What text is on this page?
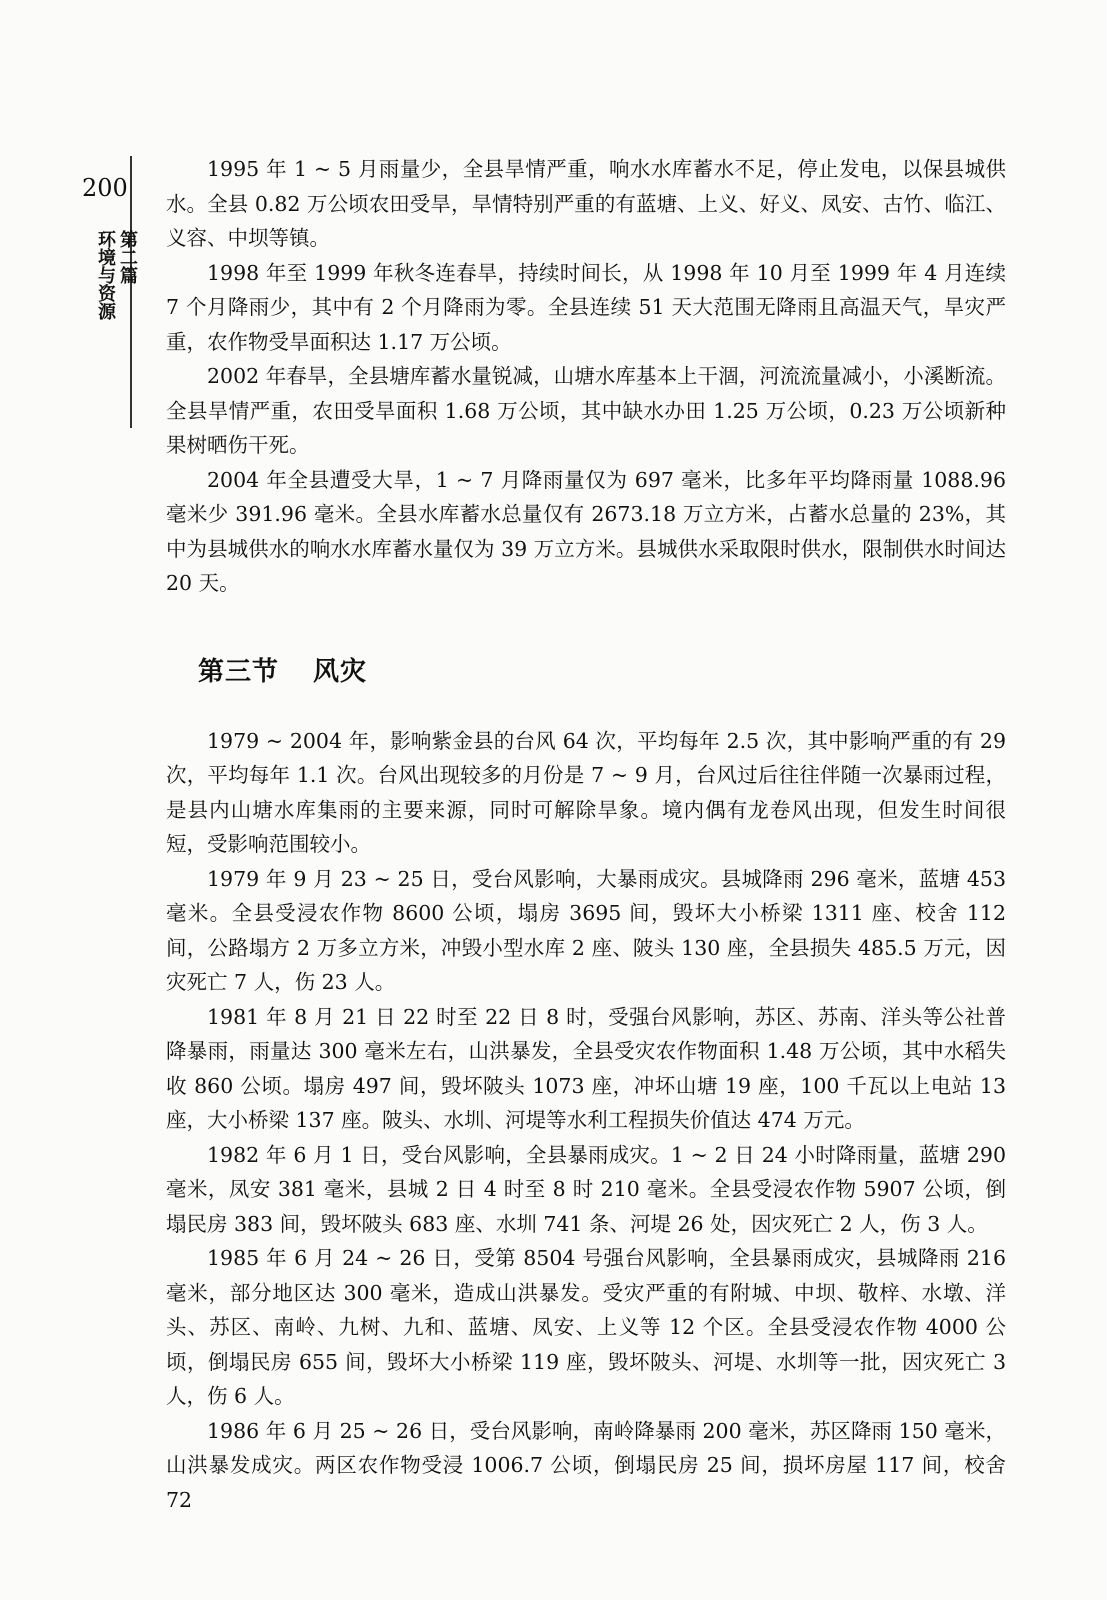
200
第二篇
环境与资源

1995 年 1 ~ 5 月雨量少，全县旱情严重，响水水库蓄水不足，停止发电，以保县城供水。全县 0.82 万公顷农田受旱，旱情特别严重的有蓝塘、上义、好义、凤安、古竹、临江、义容、中坝等镇。

1998 年至 1999 年秋冬连春旱，持续时间长，从 1998 年 10 月至 1999 年 4 月连续 7 个月降雨少，其中有 2 个月降雨为零。全县连续 51 天大范围无降雨且高温天气，旱灾严重，农作物受旱面积达 1.17 万公顷。

2002 年春旱，全县塘库蓄水量锐减，山塘水库基本上干涸，河流流量减小，小溪断流。全县旱情严重，农田受旱面积 1.68 万公顷，其中缺水办田 1.25 万公顷，0.23 万公顷新种果树晒伤干死。

2004 年全县遭受大旱，1 ~ 7 月降雨量仅为 697 毫米，比多年平均降雨量 1088.96 毫米少 391.96 毫米。全县水库蓄水总量仅有 2673.18 万立方米，占蓄水总量的 23%，其中为县城供水的响水水库蓄水量仅为 39 万立方米。县城供水采取限时供水，限制供水时间达 20 天。

第三节 风灾

1979 ~ 2004 年，影响紫金县的台风 64 次，平均每年 2.5 次，其中影响严重的有 29 次，平均每年 1.1 次。台风出现较多的月份是 7 ~ 9 月，台风过后往往伴随一次暴雨过程，是县内山塘水库集雨的主要来源，同时可解除旱象。境内偶有龙卷风出现，但发生时间很短，受影响范围较小。

1979 年 9 月 23 ~ 25 日，受台风影响，大暴雨成灾。县城降雨 296 毫米，蓝塘 453 毫米。全县受浸农作物 8600 公顷，塌房 3695 间，毁坏大小桥梁 1311 座、校舍 112 间，公路塌方 2 万多立方米，冲毁小型水库 2 座、陂头 130 座，全县损失 485.5 万元，因灾死亡 7 人，伤 23 人。

1981 年 8 月 21 日 22 时至 22 日 8 时，受强台风影响，苏区、苏南、洋头等公社普降暴雨，雨量达 300 毫米左右，山洪暴发，全县受灾农作物面积 1.48 万公顷，其中水稻失收 860 公顷。塌房 497 间，毁坏陂头 1073 座，冲坏山塘 19 座，100 千瓦以上电站 13 座，大小桥梁 137 座。陂头、水圳、河堤等水利工程损失价值达 474 万元。

1982 年 6 月 1 日，受台风影响，全县暴雨成灾。1 ~ 2 日 24 小时降雨量，蓝塘 290 毫米，凤安 381 毫米，县城 2 日 4 时至 8 时 210 毫米。全县受浸农作物 5907 公顷，倒塌民房 383 间，毁坏陂头 683 座、水圳 741 条、河堤 26 处，因灾死亡 2 人，伤 3 人。

1985 年 6 月 24 ~ 26 日，受第 8504 号强台风影响，全县暴雨成灾，县城降雨 216 毫米，部分地区达 300 毫米，造成山洪暴发。受灾严重的有附城、中坝、敬梓、水墩、洋头、苏区、南岭、九树、九和、蓝塘、凤安、上义等 12 个区。全县受浸农作物 4000 公顷，倒塌民房 655 间，毁坏大小桥梁 119 座，毁坏陂头、河堤、水圳等一批，因灾死亡 3 人，伤 6 人。

1986 年 6 月 25 ~ 26 日，受台风影响，南岭降暴雨 200 毫米，苏区降雨 150 毫米，山洪暴发成灾。两区农作物受浸 1006.7 公顷，倒塌民房 25 间，损坏房屋 117 间，校舍 72
